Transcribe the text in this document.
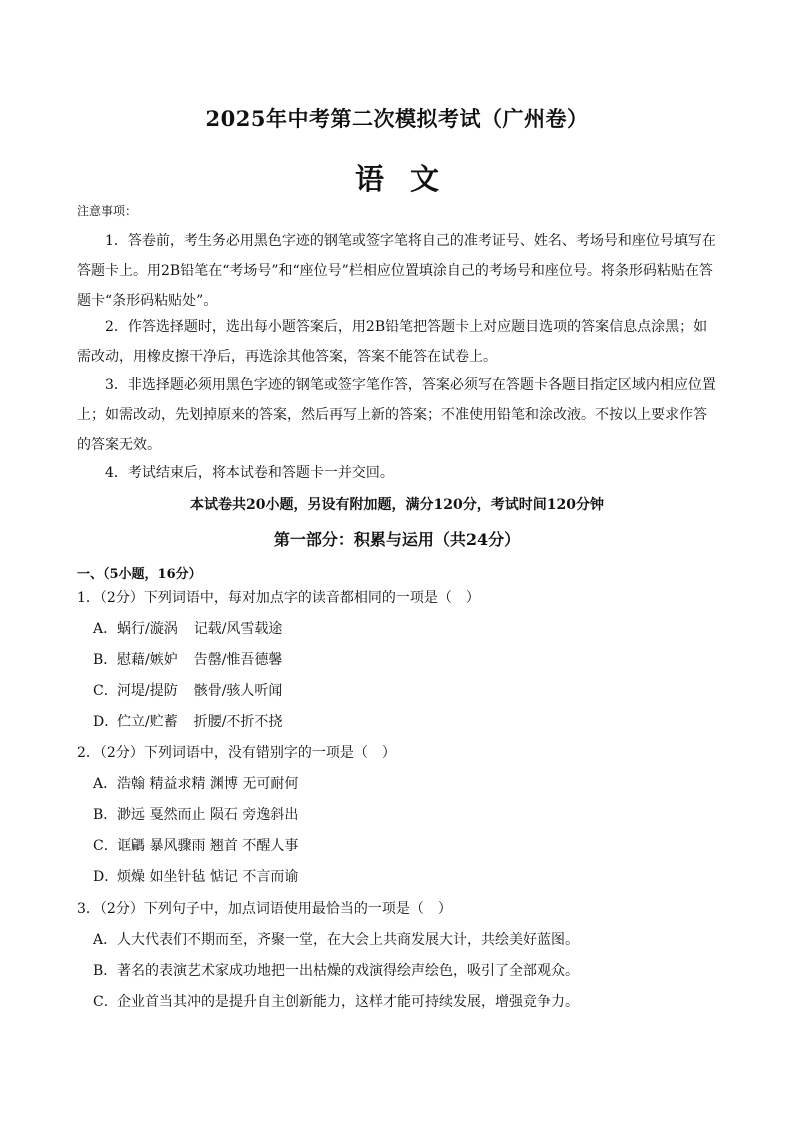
2025年中考第二次模拟考试（广州卷）
语文
注意事项：

1．答卷前，考生务必用黑色字迹的钢笔或签字笔将自己的准考证号、姓名、考场号和座位号填写在答题卡上。用2B铅笔在“考场号”和“座位号”栏相应位置填涂自己的考场号和座位号。将条形码粘贴在答题卡“条形码粘贴处”。

2．作答选择题时，选出每小题答案后，用2B铅笔把答题卡上对应题目选项的答案信息点涂黑；如需改动，用橡皮擦干净后，再选涂其他答案，答案不能答在试卷上。

3．非选择题必须用黑色字迹的钢笔或签字笔作答，答案必须写在答题卡各题目指定区域内相应位置上；如需改动，先划掉原来的答案，然后再写上新的答案；不准使用铅笔和涂改液。不按以上要求作答的答案无效。

4．考试结束后，将本试卷和答题卡一并交回。

本试卷共20小题，另设有附加题，满分120分，考试时间120分钟
第一部分：积累与运用（共24分）
一、（5小题，16分）
1．（2分）下列词语中，每对加点字的读音都相同的一项是（　）
A．蜗行/漩涡 记载/风雪载途
B．慰藉/嫉妒 告罄/惟吾德馨
C．河堤/提防 骸骨/骇人听闻
D．伫立/贮蓄 折腰/不折不挠
2．（2分）下列词语中，没有错别字的一项是（　）
A．浩翰 精益求精 渊博 无可耐何
B．渺远 戛然而止 陨石 旁逸斜出
C．诓騗 暴风骤雨 翘首 不醒人事
D．烦燥 如坐针毡 惦记 不言而谕
3．（2分）下列句子中，加点词语使用最恰当的一项是（　）
A．人大代表们不期而至，齐聚一堂，在大会上共商发展大计，共绘美好蓝图。
B．著名的表演艺术家成功地把一出枯燥的戏演得绘声绘色，吸引了全部观众。
C．企业首当其冲的是提升自主创新能力，这样才能可持续发展，增强竞争力。
